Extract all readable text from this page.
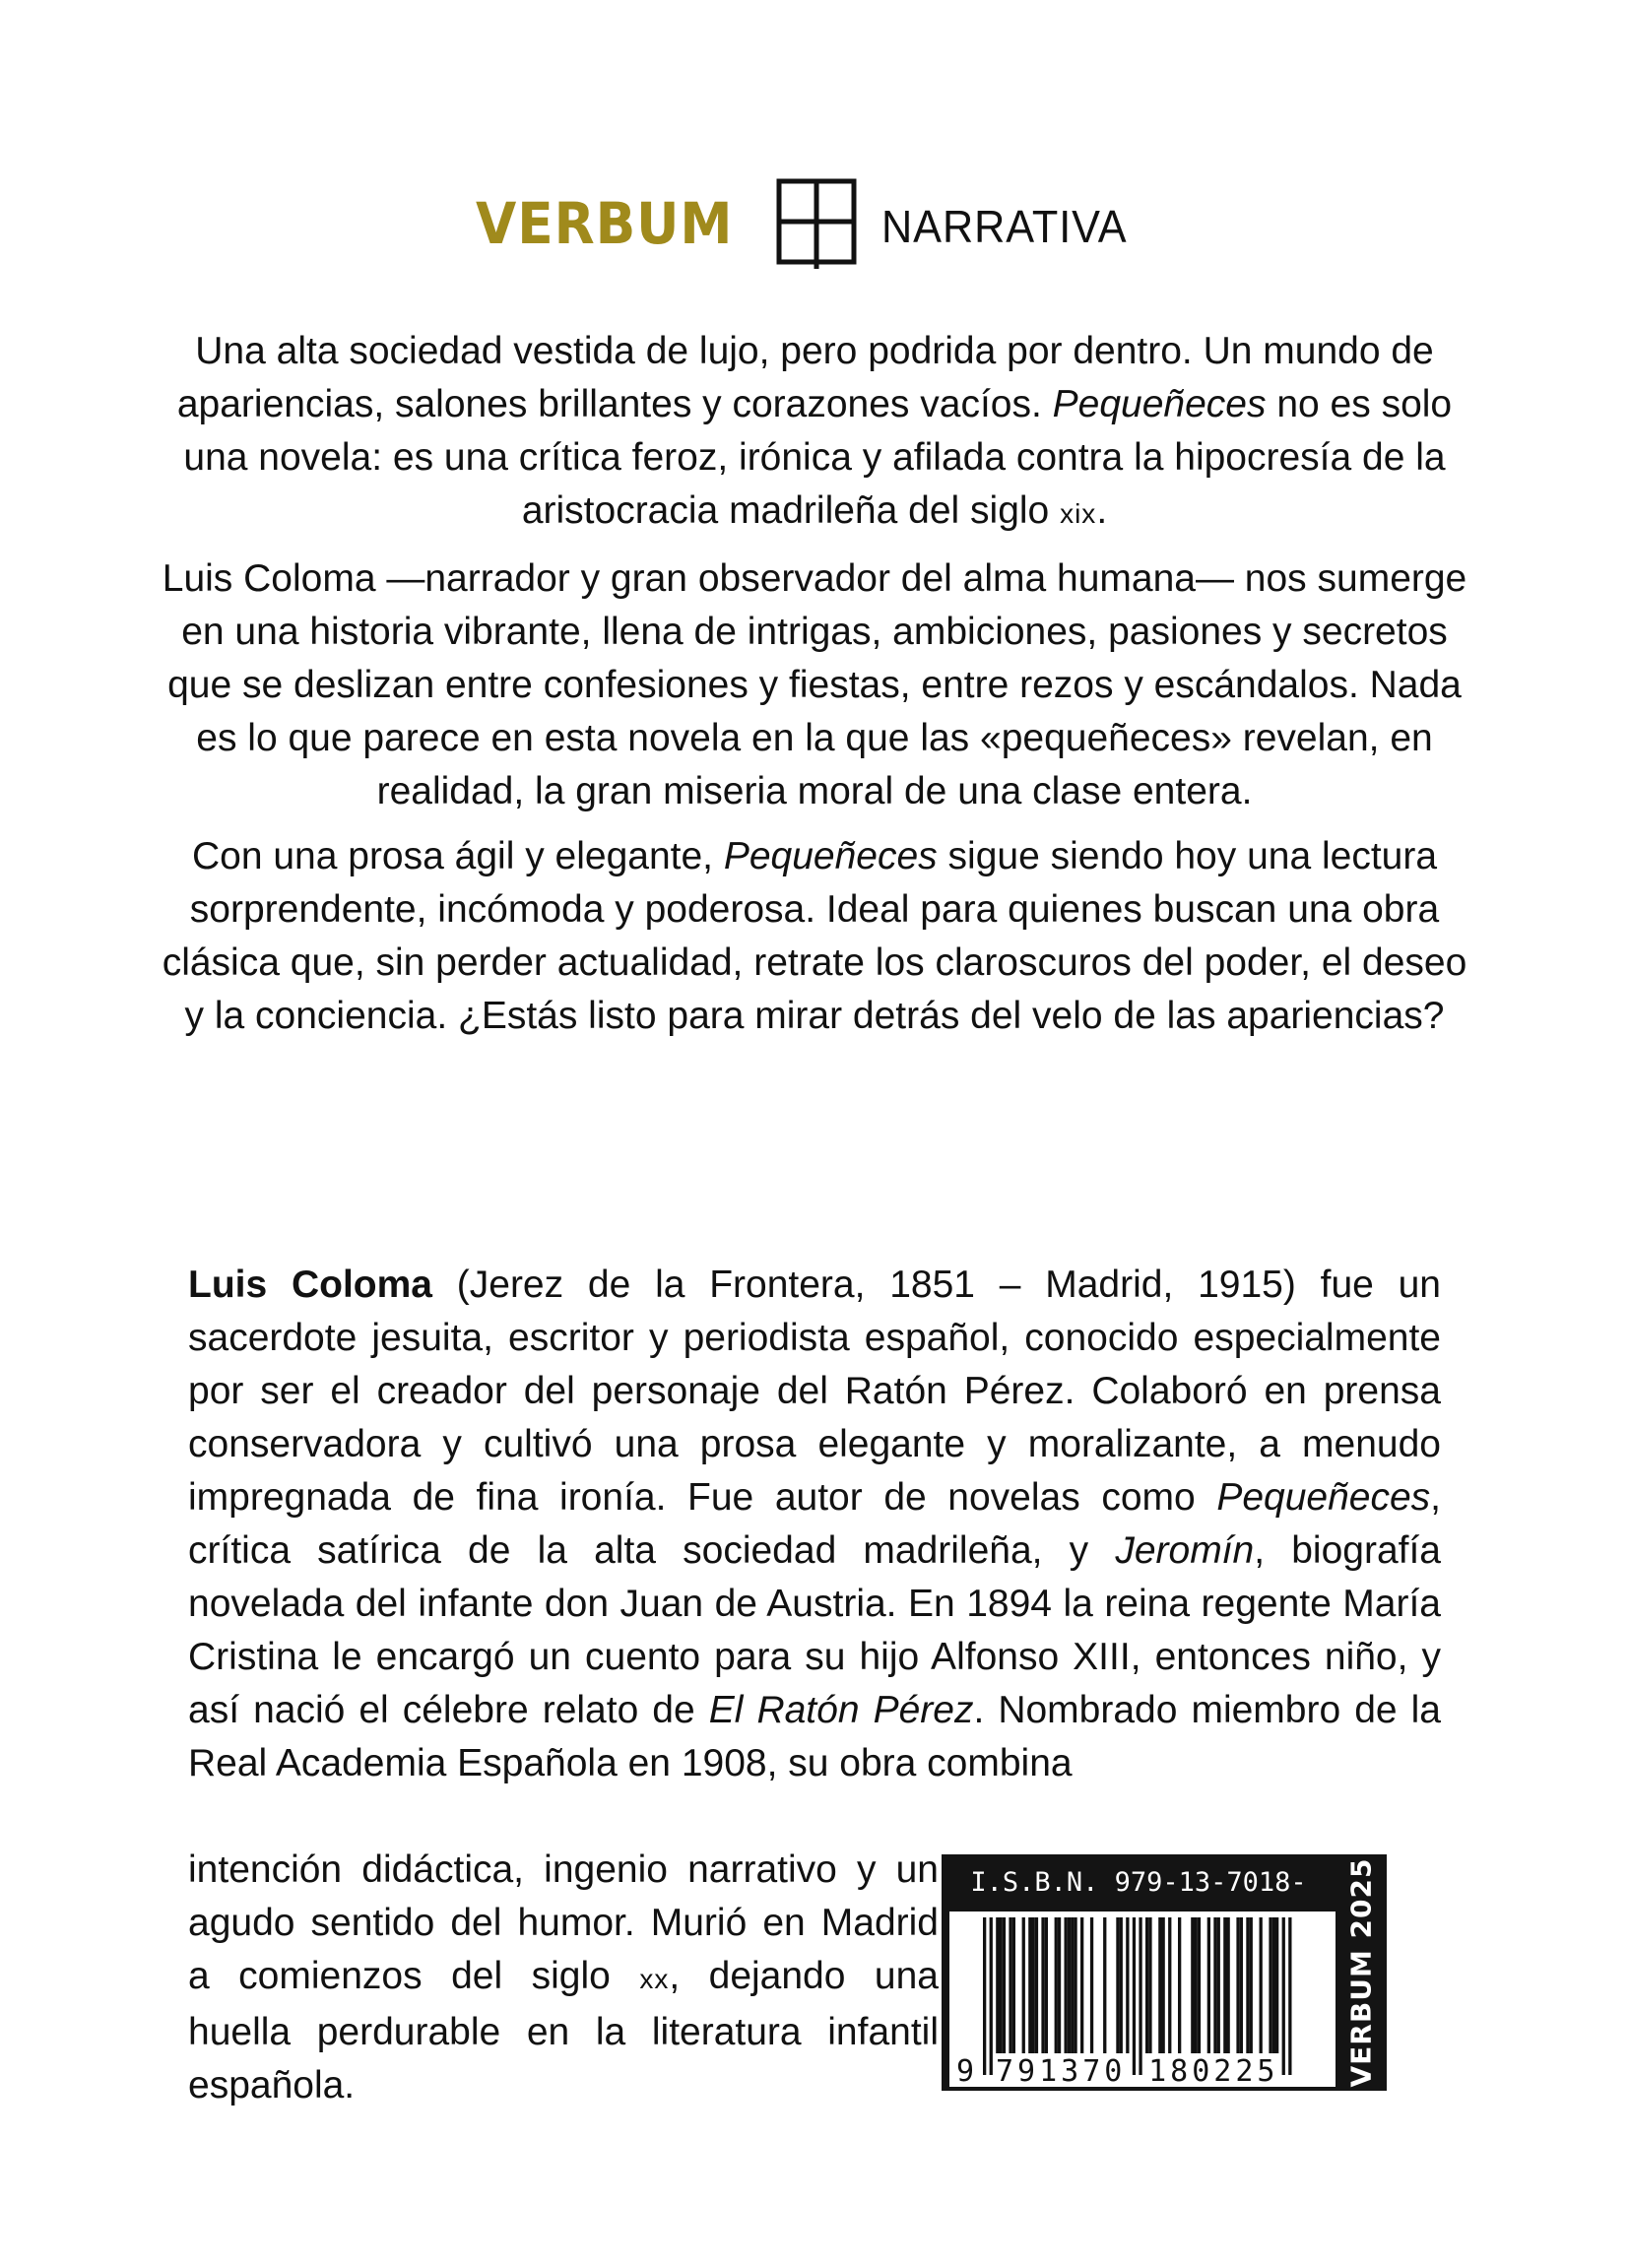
VERBUM	NARRATIVA

Una alta sociedad vestida de lujo, pero podrida por dentro. Un mundo de apariencias, salones brillantes y corazones vacíos. Pequeñeces no es solo una novela: es una crítica feroz, irónica y afilada contra la hipocresía de la aristocracia madrileña del siglo xix.

Luis Coloma —narrador y gran observador del alma humana— nos sumerge en una historia vibrante, llena de intrigas, ambiciones, pasiones y secretos que se deslizan entre confesiones y fiestas, entre rezos y escándalos. Nada es lo que parece en esta novela en la que las «pequeñeces» revelan, en realidad, la gran miseria moral de una clase entera.

Con una prosa ágil y elegante, Pequeñeces sigue siendo hoy una lectura sorprendente, incómoda y poderosa. Ideal para quienes buscan una obra clásica que, sin perder actualidad, retrate los claroscuros del poder, el deseo y la conciencia. ¿Estás listo para mirar detrás del velo de las apariencias?

Luis Coloma (Jerez de la Frontera, 1851 – Madrid, 1915) fue un sacerdote jesuita, escritor y periodista español, conocido especialmente por ser el creador del personaje del Ratón Pérez. Colaboró en prensa conservadora y cultivó una prosa elegante y moralizante, a menudo impregnada de fina ironía. Fue autor de novelas como Pequeñeces, crítica satírica de la alta sociedad madrileña, y Jeromín, biografía novelada del infante don Juan de Austria. En 1894 la reina regente María Cristina le encargó un cuento para su hijo Alfonso XIII, entonces niño, y así nació el célebre relato de El Ratón Pérez. Nombrado miembro de la Real Academia Española en 1908, su obra combina

intención didáctica, ingenio narrativo y un agudo sentido del humor. Murió en Madrid a comienzos del siglo xx, dejando una huella perdurable en la literatura infantil española.

I.S.B.N. 979-13-7018-
9 791370 180225 VERBUM 2025
